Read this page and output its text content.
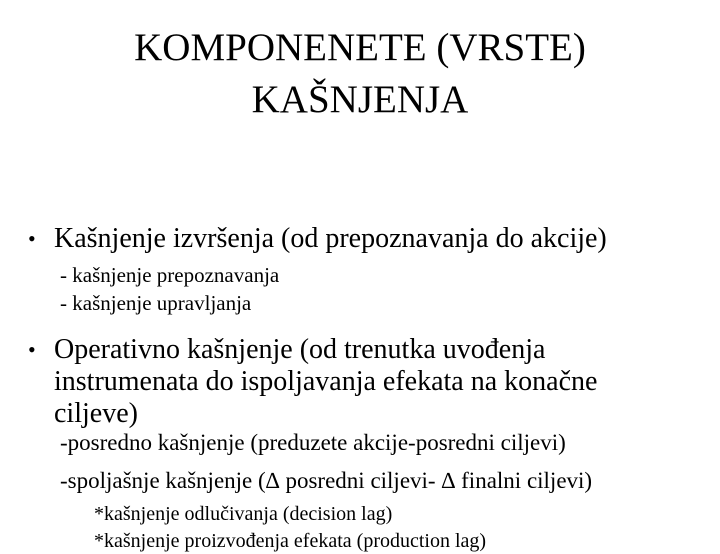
KOMPONENETE (VRSTE)
KAŠNJENJA
• Kašnjenje izvršenja (od prepoznavanja do akcije)
- kašnjenje prepoznavanja
- kašnjenje upravljanja
• Operativno kašnjenje (od trenutka uvođenja
instrumenata do ispoljavanja efekata na konačne
ciljeve)
-posredno kašnjenje (preduzete akcije-posredni ciljevi)
-spoljašnje kašnjenje (∆ posredni ciljevi- ∆ finalni ciljevi)
*kašnjenje odlučivanja (decision lag)
*kašnjenje proizvođenja efekata (production lag)
